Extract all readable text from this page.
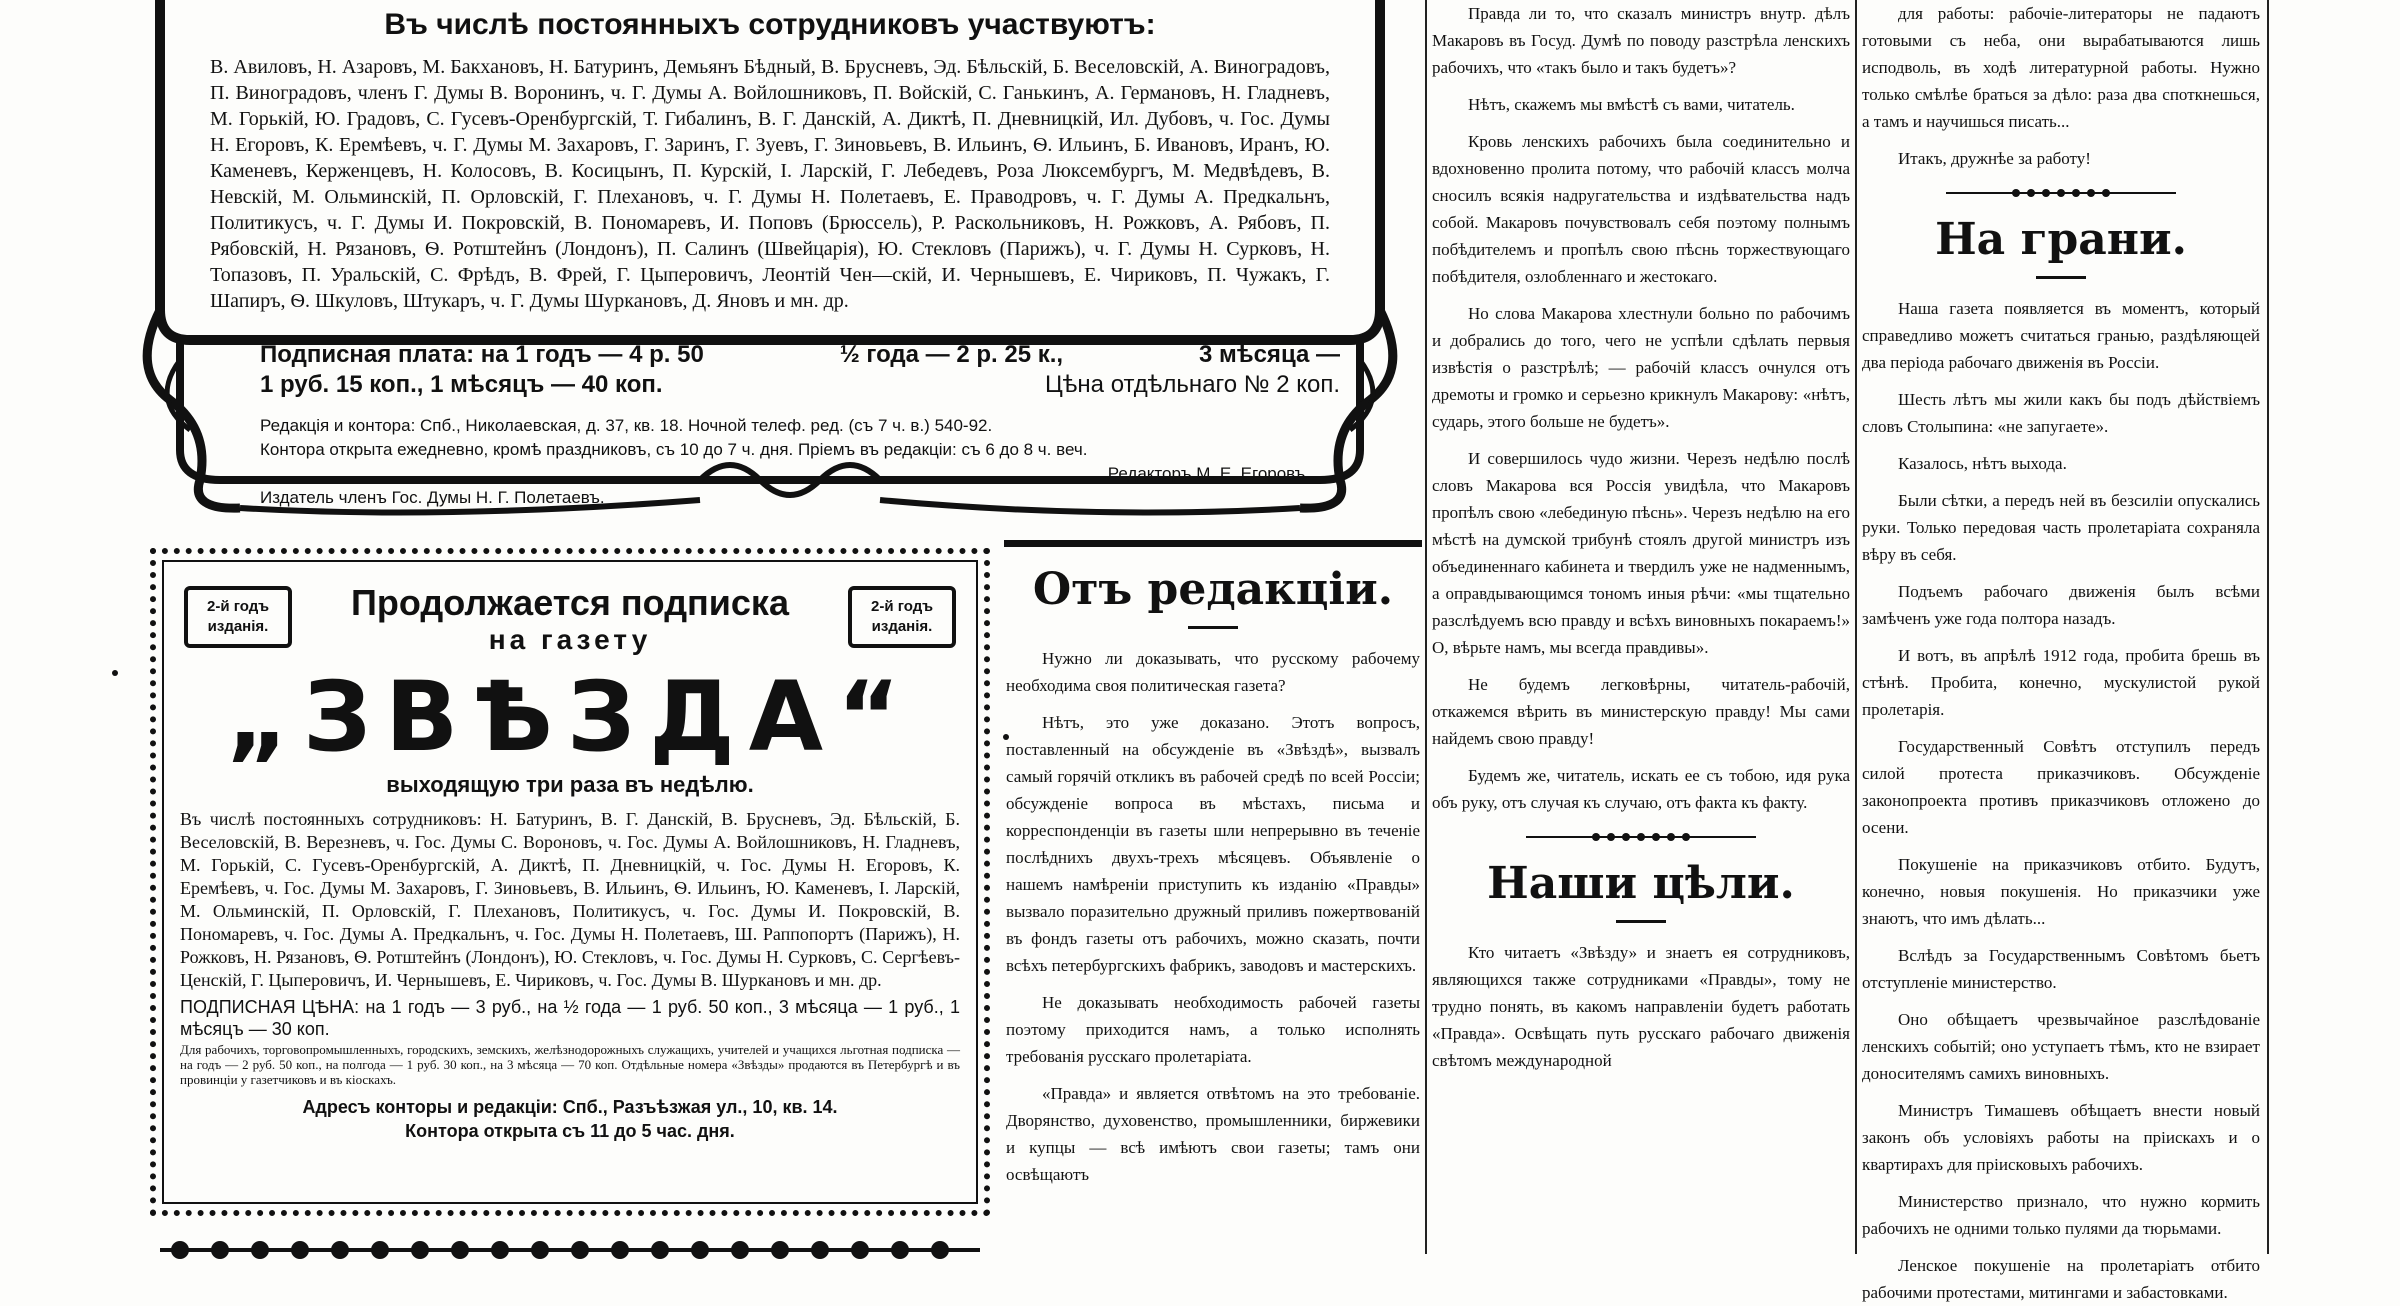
Въ числѣ постоянныхъ сотрудниковъ участвуютъ:
В. Авиловъ, Н. Азаровъ, М. Бакхановъ, Н. Батуринъ, Демьянъ Бѣдный, В. Брусневъ, Эд. Бѣльскій, Б. Веселовскій, А. Виноградовъ, П. Виноградовъ, членъ Г. Думы В. Воронинъ, ч. Г. Думы А. Войлошниковъ, П. Войскій, С. Ганькинъ, А. Германовъ, Н. Гладневъ, М. Горькій, Ю. Градовъ, С. Гусевъ-Оренбургскій, Т. Гибалинъ, В. Г. Данскій, А. Диктѣ, П. Дневницкій, Ил. Дубовъ, ч. Гос. Думы Н. Егоровъ, К. Еремѣевъ, ч. Г. Думы М. Захаровъ, Г. Заринъ, Г. Зуевъ, Г. Зиновьевъ, В. Ильинъ, Ѳ. Ильинъ, Б. Ивановъ, Иранъ, Ю. Каменевъ, Керженцевъ, Н. Колосовъ, В. Косицынъ, П. Курскій, І. Ларскій, Г. Лебедевъ, Роза Люксембургъ, М. Медвѣдевъ, В. Невскій, М. Ольминскій, П. Орловскій, Г. Плехановъ, ч. Г. Думы Н. Полетаевъ, Е. Праводровъ, ч. Г. Думы А. Предкальнъ, Политикусъ, ч. Г. Думы И. Покровскій, В. Пономаревъ, И. Поповъ (Брюссель), Р. Раскольниковъ, Н. Рожковъ, А. Рябовъ, П. Рябовскій, Н. Рязановъ, Ѳ. Ротштейнъ (Лондонъ), П. Салинъ (Швейцарія), Ю. Стекловъ (Парижъ), ч. Г. Думы Н. Сурковъ, Н. Топазовъ, П. Уральскій, С. Фрѣдъ, В. Фрей, Г. Цыперовичъ, Леонтій Чен—скій, И. Чернышевъ, Е. Чириковъ, П. Чужакъ, Г. Шапиръ, Ѳ. Шкуловъ, Штукаръ, ч. Г. Думы Шуркановъ, Д. Яновъ и мн. др.
Подписная плата: на 1 годъ — 4 р. 50	½ года — 2 р. 25 к.,	3 мѣсяца —
1 руб. 15 коп., 1 мѣсяцъ — 40 коп.	Цѣна отдѣльнаго № 2 коп.
Редакція и контора: Спб., Николаевская, д. 37, кв. 18. Ночной телеф. ред. (съ 7 ч. в.) 540-92.
Контора открыта ежедневно, кромѣ праздниковъ, съ 10 до 7 ч. дня. Пріемъ въ редакціи: съ 6 до 8 ч. веч.
Редакторъ М. Е. Егоровъ.
Издатель членъ Гос. Думы Н. Г. Полетаевъ.
2-й годъ изданія.
2-й годъ изданія.
Продолжается подписка
на газету
„ЗВѢЗДА“
выходящую три раза въ недѣлю.
Въ числѣ постоянныхъ сотрудниковъ: Н. Батуринъ, В. Г. Данскій, В. Брусневъ, Эд. Бѣльскій, Б. Веселовскій, В. Верезневъ, ч. Гос. Думы С. Вороновъ, ч. Гос. Думы А. Войлошниковъ, Н. Гладневъ, М. Горькій, С. Гусевъ-Оренбургскій, А. Диктѣ, П. Дневницкій, ч. Гос. Думы Н. Егоровъ, К. Еремѣевъ, ч. Гос. Думы М. Захаровъ, Г. Зиновьевъ, В. Ильинъ, Ѳ. Ильинъ, Ю. Каменевъ, І. Ларскій, М. Ольминскій, П. Орловскій, Г. Плехановъ, Политикусъ, ч. Гос. Думы И. Покровскій, В. Пономаревъ, ч. Гос. Думы А. Предкальнъ, ч. Гос. Думы Н. Полетаевъ, Ш. Раппопортъ (Парижъ), Н. Рожковъ, Н. Рязановъ, Ѳ. Ротштейнъ (Лондонъ), Ю. Стекловъ, ч. Гос. Думы Н. Сурковъ, С. Сергѣевъ-Ценскій, Г. Цыперовичъ, И. Чернышевъ, Е. Чириковъ, ч. Гос. Думы В. Шуркановъ и мн. др.
ПОДПИСНАЯ ЦѢНА: на 1 годъ — 3 руб., на ½ года — 1 руб. 50 коп., 3 мѣсяца — 1 руб., 1 мѣсяцъ — 30 коп.
Для рабочихъ, торговопромышленныхъ, городскихъ, земскихъ, желѣзнодорожныхъ служащихъ, учителей и учащихся льготная подписка — на годъ — 2 руб. 50 коп., на полгода — 1 руб. 30 коп., на 3 мѣсяца — 70 коп. Отдѣльные номера «Звѣзды» продаются въ Петербургѣ и въ провинціи у газетчиковъ и въ кіоскахъ.
Адресъ конторы и редакціи: Спб., Разъѣзжая ул., 10, кв. 14.
Контора открыта съ 11 до 5 час. дня.
Отъ редакціи.

Нужно ли доказывать, что русскому рабочему необходима своя политическая газета?

Нѣтъ, это уже доказано. Этотъ вопросъ, поставленный на обсужденіе въ «Звѣздѣ», вызвалъ самый горячій откликъ въ рабочей средѣ по всей Россіи; обсужденіе вопроса въ мѣстахъ, письма и корреспонденціи въ газеты шли непрерывно въ теченіе послѣднихъ двухъ-трехъ мѣсяцевъ. Объявленіе о нашемъ намѣреніи приступить къ изданію «Правды» вызвало поразительно дружный приливъ пожертвованій въ фондъ газеты отъ рабочихъ, можно сказать, почти всѣхъ петербургскихъ фабрикъ, заводовъ и мастерскихъ.

Не доказывать необходимость рабочей газеты поэтому приходится намъ, а только исполнять требованія русскаго пролетаріата.

«Правда» и является отвѣтомъ на это требованіе. Дворянство, духовенство, промышленники, биржевики и купцы — всѣ имѣютъ свои газеты; тамъ они освѣщаютъ

Правда ли то, что сказалъ министръ внутр. дѣлъ Макаровъ въ Госуд. Думѣ по поводу разстрѣла ленскихъ рабочихъ, что «такъ было и такъ будетъ»?

Нѣтъ, скажемъ мы вмѣстѣ съ вами, читатель.

Кровь ленскихъ рабочихъ была соединительно и вдохновенно пролита потому, что рабочій классъ молча сносилъ всякія надругательства и издѣвательства надъ собой. Макаровъ почувствовалъ себя поэтому полнымъ побѣдителемъ и пропѣлъ свою пѣснь торжествующаго побѣдителя, озлобленнаго и жестокаго.

Но слова Макарова хлестнули больно по рабочимъ и добрались до того, чего не успѣли сдѣлать первыя извѣстія о разстрѣлѣ; — рабочій классъ очнулся отъ дремоты и громко и серьезно крикнулъ Макарову: «нѣтъ, сударь, этого больше не будетъ».

И совершилось чудо жизни. Черезъ недѣлю послѣ словъ Макарова вся Россія увидѣла, что Макаровъ пропѣлъ свою «лебединую пѣснь». Черезъ недѣлю на его мѣстѣ на думской трибунѣ стоялъ другой министръ изъ объединеннаго кабинета и твердилъ уже не надменнымъ, а оправдывающимся тономъ иныя рѣчи: «мы тщательно разслѣдуемъ всю правду и всѣхъ виновныхъ покараемъ!» О, вѣрьте намъ, мы всегда правдивы».

Не будемъ легковѣрны, читатель-рабочій, откажемся вѣрить въ министерскую правду! Мы сами найдемъ свою правду!

Будемъ же, читатель, искать ее съ тобою, идя рука объ руку, отъ случая къ случаю, отъ факта къ факту.

Наши цѣли.

Кто читаетъ «Звѣзду» и знаетъ ея сотрудниковъ, являющихся также сотрудниками «Правды», тому не трудно понять, въ какомъ направленіи будетъ работать «Правда». Освѣщать путь русскаго рабочаго движенія свѣтомъ международной

для работы: рабочіе-литераторы не падаютъ готовыми съ неба, они вырабатываются лишь исподволь, въ ходѣ литературной работы. Нужно только смѣлѣе браться за дѣло: раза два споткнешься, а тамъ и научишься писать...

Итакъ, дружнѣе за работу!

На грани.

Наша газета появляется въ моментъ, который справедливо можетъ считаться гранью, раздѣляющей два періода рабочаго движенія въ Россіи.

Шесть лѣтъ мы жили какъ бы подъ дѣйствіемъ словъ Столыпина: «не запугаете».

Казалось, нѣтъ выхода.

Были сѣтки, а передъ ней въ безсиліи опускались руки. Только передовая часть пролетаріата сохраняла вѣру въ себя.

Подъемъ рабочаго движенія былъ всѣми замѣченъ уже года полтора назадъ.

И вотъ, въ апрѣлѣ 1912 года, пробита брешь въ стѣнѣ. Пробита, конечно, мускулистой рукой пролетарія.

Государственный Совѣтъ отступилъ передъ силой протеста приказчиковъ. Обсужденіе законопроекта противъ приказчиковъ отложено до осени.

Покушеніе на приказчиковъ отбито. Будутъ, конечно, новыя покушенія. Но приказчики уже знаютъ, что имъ дѣлать...

Вслѣдъ за Государственнымъ Совѣтомъ бьетъ отступленіе министерство.

Оно обѣщаетъ чрезвычайное разслѣдованіе ленскихъ событій; оно уступаетъ тѣмъ, кто не взирает доносителямъ самихъ виновныхъ.

Министръ Тимашевъ обѣщаетъ внести новый законъ объ условіяхъ работы на пріискахъ и о квартирахъ для пріисковыхъ рабочихъ.

Министерство признало, что нужно кормить рабочихъ не одними только пулями да тюрьмами.

Ленское покушеніе на пролетаріатъ отбито рабочими протестами, митингами и забастовками.
